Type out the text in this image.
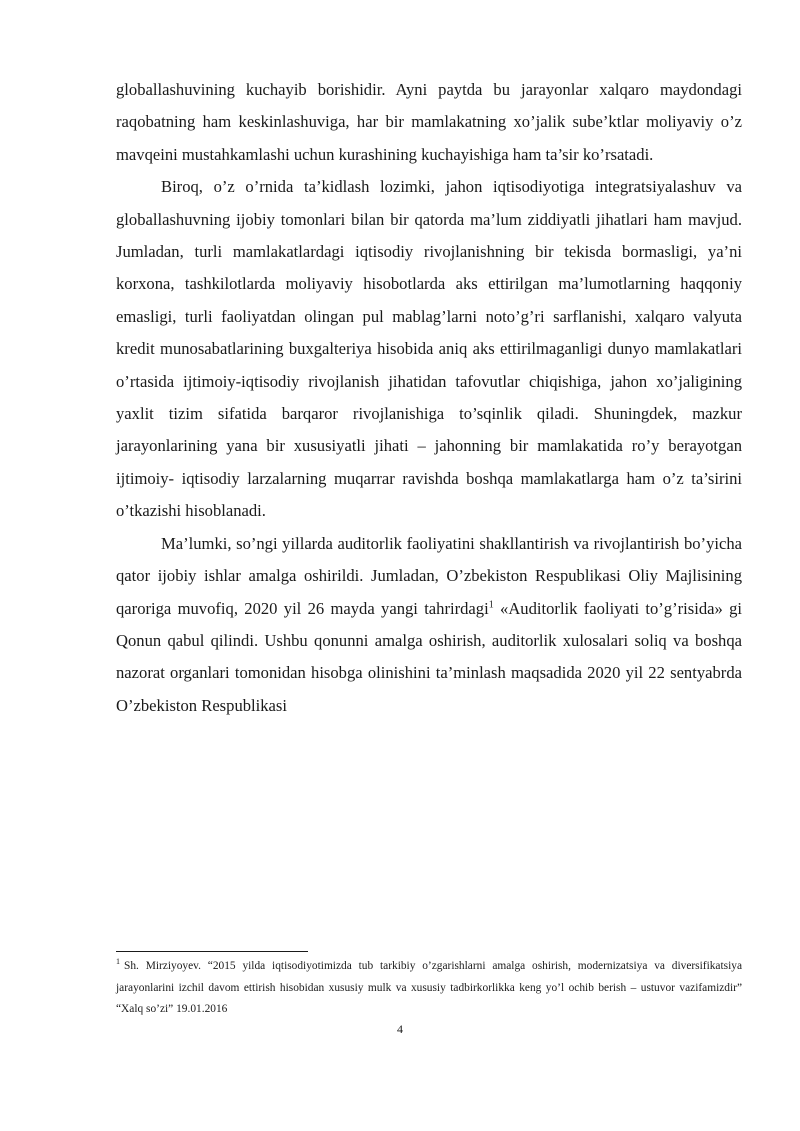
globallashuvining kuchayib borishidir. Ayni paytda bu jarayonlar xalqaro maydondagi raqobatning ham keskinlashuviga, har bir mamlakatning xo’jalik sube’ktlar moliyaviy o’z mavqeini mustahkamlashi uchun kurashining kuchayishiga ham ta’sir ko’rsatadi.

Biroq, o’z o’rnida ta’kidlash lozimki, jahon iqtisodiyotiga integratsiyalashuv va globallashuvning ijobiy tomonlari bilan bir qatorda ma’lum ziddiyatli jihatlari ham mavjud. Jumladan, turli mamlakatlardagi iqtisodiy rivojlanishning bir tekisda bormasligi, ya’ni korxona, tashkilotlarda moliyaviy hisobotlarda aks ettirilgan ma’lumotlarning haqqoniy emasligi, turli faoliyatdan olingan pul mablag’larni noto’g’ri sarflanishi, xalqaro valyuta kredit munosabatlarining buxgalteriya hisobida aniq aks ettirilmaganligi dunyo mamlakatlari o’rtasida ijtimoiy-iqtisodiy rivojlanish jihatidan tafovutlar chiqishiga, jahon xo’jaligining yaxlit tizim sifatida barqaror rivojlanishiga to’sqinlik qiladi. Shuningdek, mazkur jarayonlarining yana bir xususiyatli jihati – jahonning bir mamlakatida ro’y berayotgan ijtimoiy- iqtisodiy larzalarning muqarrar ravishda boshqa mamlakatlarga ham o’z ta’sirini o’tkazishi hisoblanadi.

Ma’lumki, so’ngi yillarda auditorlik faoliyatini shakllantirish va rivojlantirish bo’yicha qator ijobiy ishlar amalga oshirildi. Jumladan, O’zbekiston Respublikasi Oliy Majlisining qaroriga muvofiq, 2020 yil 26 mayda yangi tahrirdagi$^1$ «Auditorlik faoliyati to’g’risida» gi Qonun qabul qilindi. Ushbu qonunni amalga oshirish, auditorlik xulosalari soliq va boshqa nazorat organlari tomonidan hisobga olinishini ta’minlash maqsadida 2020 yil 22 sentyabrda O’zbekiston Respublikasi

$^1$ Sh. Mirziyoyev. “2015 yilda iqtisodiyotimizda tub tarkibiy o’zgarishlarni amalga oshirish, modernizatsiya va diversifikatsiya jarayonlarini izchil davom ettirish hisobidan xususiy mulk va xususiy tadbirkorlikka keng yo’l ochib berish – ustuvor vazifamizdir” “Xalq so’zi” 19.01.2016
4
